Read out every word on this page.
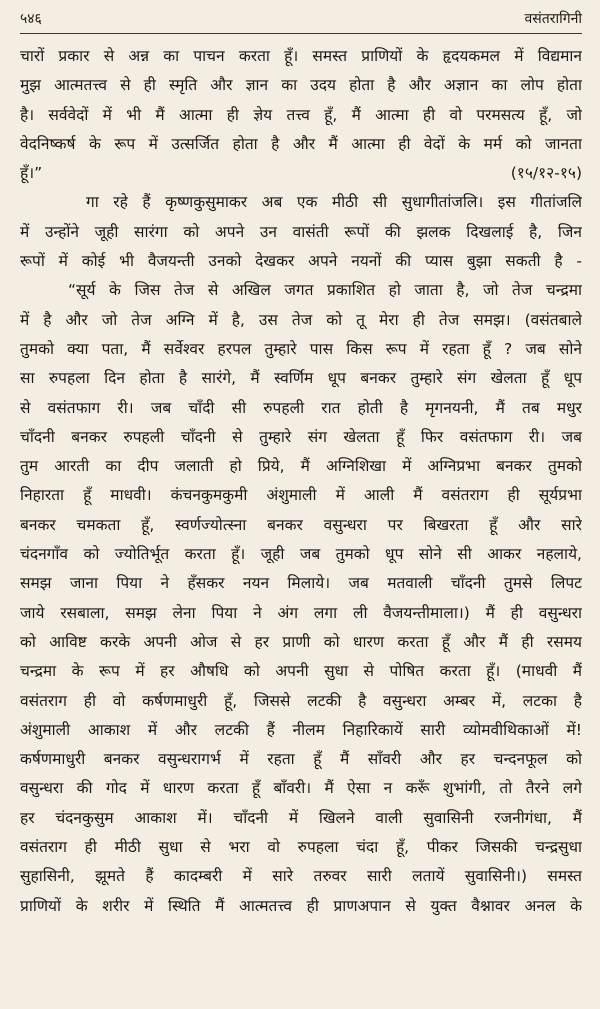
५४६	वसंतरागिनी
चारों प्रकार से अन्न का पाचन करता हूँ। समस्त प्राणियों के हृदयकमल में विद्यमान
मुझ आत्मतत्त्व से ही स्मृति और ज्ञान का उदय होता है और अज्ञान का लोप होता
है। सर्ववेदों में भी मैं आत्मा ही ज्ञेय तत्त्व हूँ, मैं आत्मा ही वो परमसत्य हूँ, जो
वेदनिष्कर्ष के रूप में उत्सर्जित होता है और मैं आत्मा ही वेदों के मर्म को जानता
हूँ।”	(१५/१२-१५)
गा रहे हैं कृष्णकुसुमाकर अब एक मीठी सी सुधागीतांजलि। इस गीतांजलि
में उन्होंने जूही सारंगा को अपने उन वासंती रूपों की झलक दिखलाई है, जिन
रूपों में कोई भी वैजयन्ती उनको देखकर अपने नयनों की प्यास बुझा सकती है -
“सूर्य के जिस तेज से अखिल जगत प्रकाशित हो जाता है, जो तेज चन्द्रमा
में है और जो तेज अग्नि में है, उस तेज को तू मेरा ही तेज समझ। (वसंतबाले
तुमको क्या पता, मैं सर्वेश्वर हरपल तुम्हारे पास किस रूप में रहता हूँ ? जब सोने
सा रुपहला दिन होता है सारंगे, मैं स्वर्णिम धूप बनकर तुम्हारे संग खेलता हूँ धूप
से वसंतफाग री। जब चाँदी सी रुपहली रात होती है मृगनयनी, मैं तब मधुर
चाँदनी बनकर रुपहली चाँदनी से तुम्हारे संग खेलता हूँ फिर वसंतफाग री। जब
तुम आरती का दीप जलाती हो प्रिये, मैं अग्निशिखा में अग्निप्रभा बनकर तुमको
निहारता हूँ माधवी। कंचनकुमकुमी अंशुमाली में आली मैं वसंतराग ही सूर्यप्रभा
बनकर चमकता हूँ, स्वर्णज्योत्स्ना बनकर वसुन्धरा पर बिखरता हूँ और सारे
चंदनगाँव को ज्योतिर्भूत करता हूँ। जूही जब तुमको धूप सोने सी आकर नहलाये,
समझ जाना पिया ने हँसकर नयन मिलाये। जब मतवाली चाँदनी तुमसे लिपट
जाये रसबाला, समझ लेना पिया ने अंग लगा ली वैजयन्तीमाला।) मैं ही वसुन्धरा
को आविष्ट करके अपनी ओज से हर प्राणी को धारण करता हूँ और मैं ही रसमय
चन्द्रमा के रूप में हर औषधि को अपनी सुधा से पोषित करता हूँ। (माधवी मैं
वसंतराग ही वो कर्षणमाधुरी हूँ, जिससे लटकी है वसुन्धरा अम्बर में, लटका है
अंशुमाली आकाश में और लटकी हैं नीलम निहारिकायें सारी व्योमवीथिकाओं में!
कर्षणमाधुरी बनकर वसुन्धरागर्भ में रहता हूँ मैं साँवरी और हर चन्दनफूल को
वसुन्धरा की गोद में धारण करता हूँ बाँवरी। मैं ऐसा न करूँ शुभांगी, तो तैरने लगे
हर चंदनकुसुम आकाश में। चाँदनी में खिलने वाली सुवासिनी रजनीगंधा, मैं
वसंतराग ही मीठी सुधा से भरा वो रुपहला चंदा हूँ, पीकर जिसकी चन्द्रसुधा
सुहासिनी, झूमते हैं कादम्बरी में सारे तरुवर सारी लतायें सुवासिनी।) समस्त
प्राणियों के शरीर में स्थिति मैं आत्मतत्त्व ही प्राणअपान से युक्त वैश्नावर अनल के
